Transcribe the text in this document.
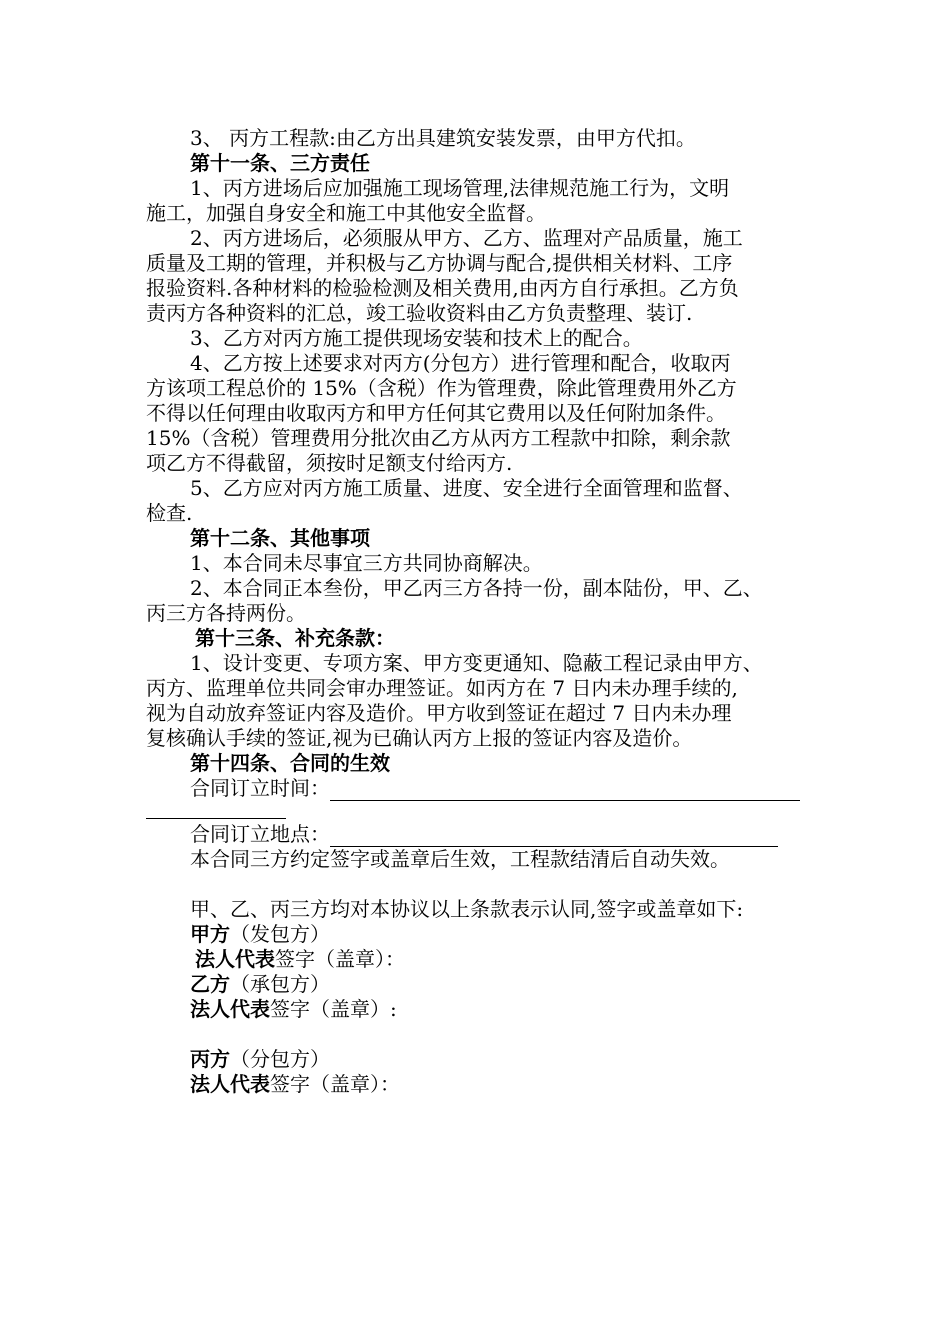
3、 丙方工程款:由乙方出具建筑安装发票，由甲方代扣。
第十一条、三方责任
1、丙方进场后应加强施工现场管理,法律规范施工行为，文明
施工，加强自身安全和施工中其他安全监督。
2、丙方进场后，必须服从甲方、乙方、监理对产品质量，施工
质量及工期的管理，并积极与乙方协调与配合,提供相关材料、工序
报验资料.各种材料的检验检测及相关费用,由丙方自行承担。乙方负
责丙方各种资料的汇总，竣工验收资料由乙方负责整理、装订.
3、乙方对丙方施工提供现场安装和技术上的配合。
4、乙方按上述要求对丙方(分包方）进行管理和配合，收取丙
方该项工程总价的 15%（含税）作为管理费，除此管理费用外乙方
不得以任何理由收取丙方和甲方任何其它费用以及任何附加条件。
15%（含税）管理费用分批次由乙方从丙方工程款中扣除，剩余款
项乙方不得截留，须按时足额支付给丙方.
5、乙方应对丙方施工质量、进度、安全进行全面管理和监督、
检查.
第十二条、其他事项
1、本合同未尽事宜三方共同协商解决。
2、本合同正本叁份，甲乙丙三方各持一份，副本陆份，甲、乙、
丙三方各持两份。
第十三条、补充条款：
1、设计变更、专项方案、甲方变更通知、隐蔽工程记录由甲方、
丙方、监理单位共同会审办理签证。如丙方在 7 日内未办理手续的,
视为自动放弃签证内容及造价。甲方收到签证在超过 7 日内未办理
复核确认手续的签证,视为已确认丙方上报的签证内容及造价。
第十四条、合同的生效
合同订立时间：
合同订立地点：
本合同三方约定签字或盖章后生效，工程款结清后自动失效。
甲、乙、丙三方均对本协议以上条款表示认同,签字或盖章如下:
甲方（发包方）
法人代表签字（盖章）：
乙方（承包方）
法人代表签字（盖章）:
丙方（分包方）
法人代表签字（盖章）：
